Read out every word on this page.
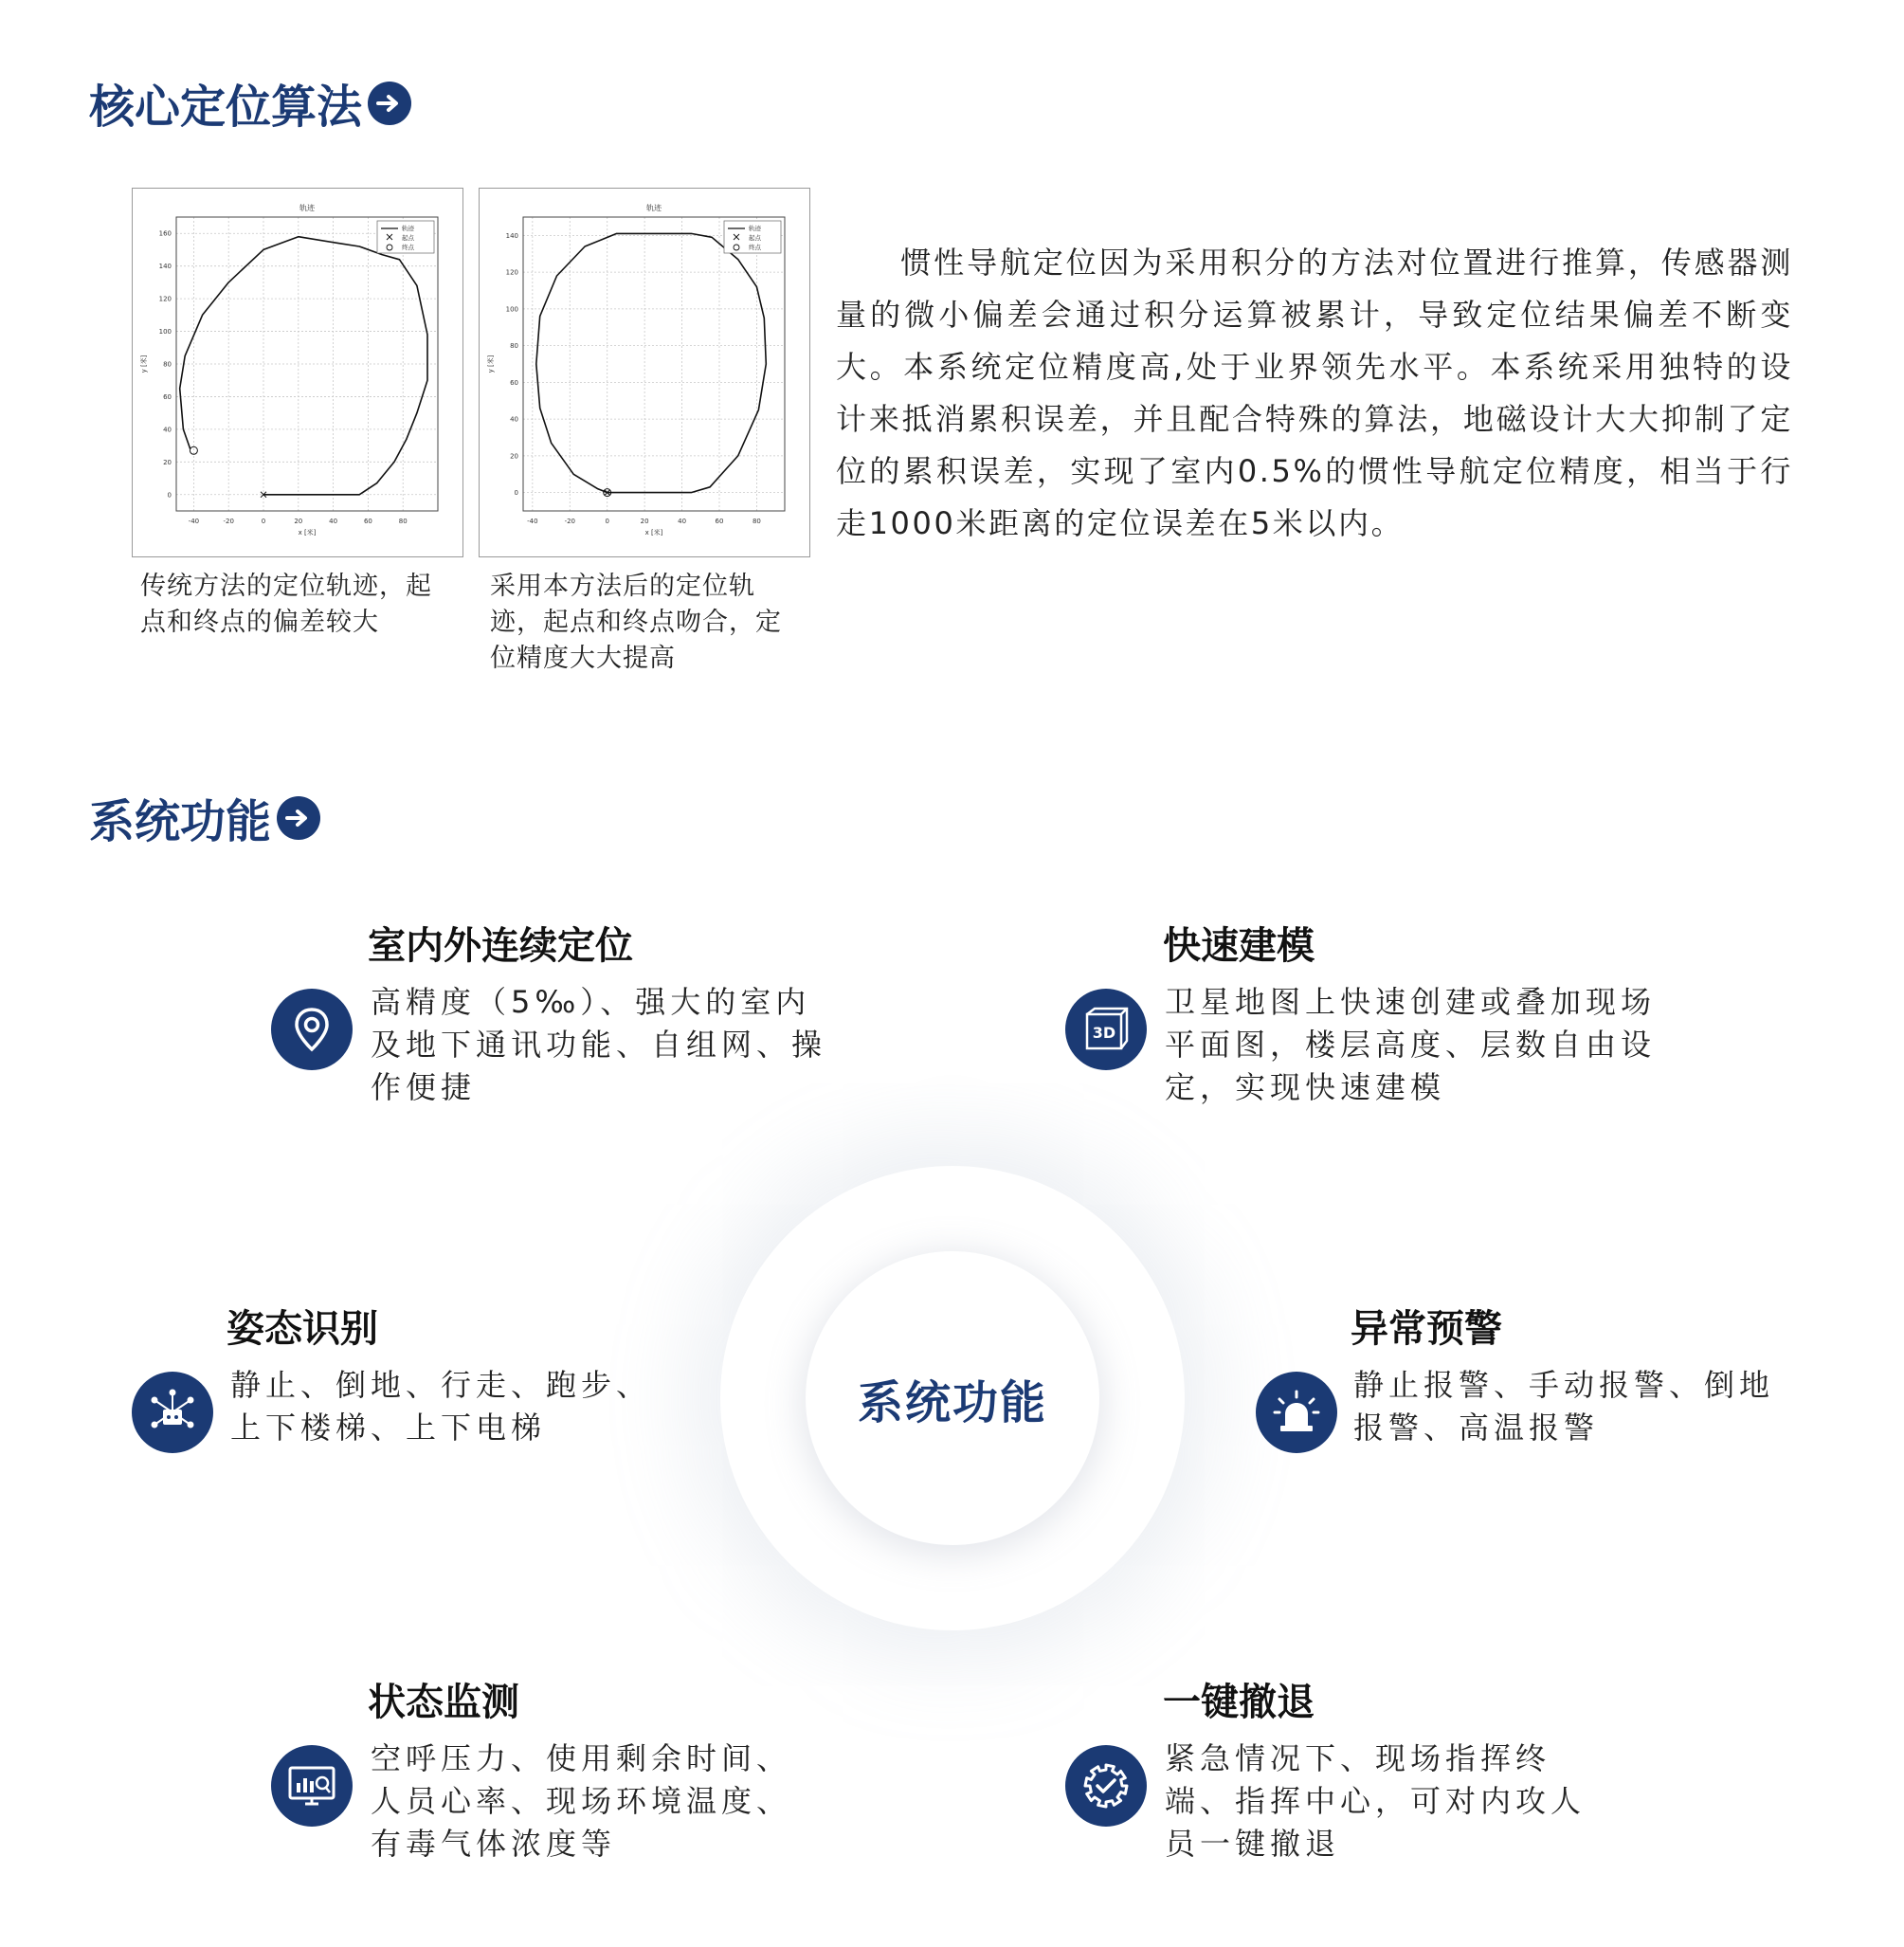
核心定位算法
-40	-20	0	20	40	60	80
0
20
40
60
80
100
120
140
160
轨迹
x [米]
y [米]
轨迹
起点
终点
-40	-20	0	20	40	60	80
0
20
40
60
80
100
120
140
轨迹
x [米]
y [米]
轨迹
起点
终点
传统方法的定位轨迹，起
点和终点的偏差较大
采用本方法后的定位轨
迹，起点和终点吻合，定
位精度大大提高
惯性导航定位因为采用积分的方法对位置进行推算，传感器测量的微小偏差会通过积分运算被累计，导致定位结果偏差不断变大。本系统定位精度高,处于业界领先水平。本系统采用独特的设计来抵消累积误差，并且配合特殊的算法，地磁设计大大抑制了定位的累积误差，实现了室内0.5%的惯性导航定位精度，相当于行走1000米距离的定位误差在5米以内。
系统功能
系统功能
室内外连续定位
高精度（5‰）、强大的室内
及地下通讯功能、自组网、操
作便捷
快速建模
3D
卫星地图上快速创建或叠加现场
平面图，楼层高度、层数自由设
定，实现快速建模
姿态识别
静止、倒地、行走、跑步、
上下楼梯、上下电梯
异常预警
静止报警、手动报警、倒地
报警、高温报警
状态监测
空呼压力、使用剩余时间、
人员心率、现场环境温度、
有毒气体浓度等
一键撤退
紧急情况下、现场指挥终
端、指挥中心，可对内攻人
员一键撤退
